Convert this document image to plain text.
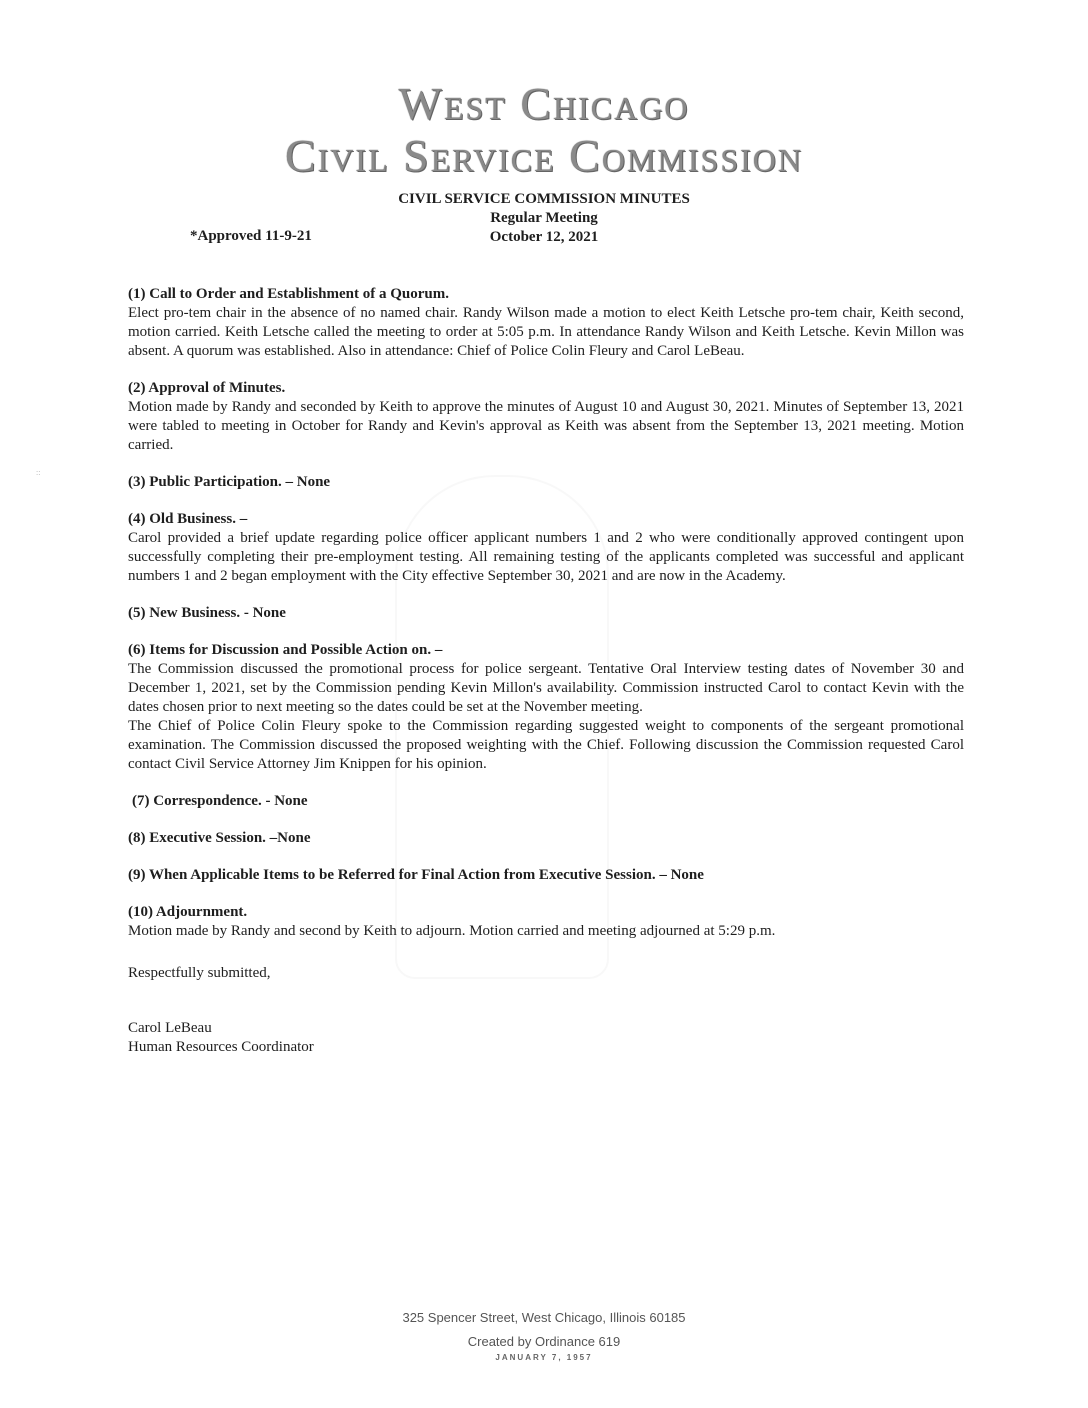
::
West Chicago
Civil Service Commission
CIVIL SERVICE COMMISSION MINUTES
Regular Meeting
October 12, 2021
*Approved 11-9-21
(1) Call to Order and Establishment of a Quorum.

Elect pro-tem chair in the absence of no named chair. Randy Wilson made a motion to elect Keith Letsche pro-tem chair, Keith second, motion carried. Keith Letsche called the meeting to order at 5:05 p.m. In attendance Randy Wilson and Keith Letsche. Kevin Millon was absent. A quorum was established. Also in attendance: Chief of Police Colin Fleury and Carol LeBeau.

(2) Approval of Minutes.

Motion made by Randy and seconded by Keith to approve the minutes of August 10 and August 30, 2021. Minutes of September 13, 2021 were tabled to meeting in October for Randy and Kevin's approval as Keith was absent from the September 13, 2021 meeting. Motion carried.

(3) Public Participation. – None
(4) Old Business. –

Carol provided a brief update regarding police officer applicant numbers 1 and 2 who were conditionally approved contingent upon successfully completing their pre-employment testing. All remaining testing of the applicants completed was successful and applicant numbers 1 and 2 began employment with the City effective September 30, 2021 and are now in the Academy.

(5) New Business. - None
(6) Items for Discussion and Possible Action on. –

The Commission discussed the promotional process for police sergeant. Tentative Oral Interview testing dates of November 30 and December 1, 2021, set by the Commission pending Kevin Millon's availability. Commission instructed Carol to contact Kevin with the dates chosen prior to next meeting so the dates could be set at the November meeting.

The Chief of Police Colin Fleury spoke to the Commission regarding suggested weight to components of the sergeant promotional examination. The Commission discussed the proposed weighting with the Chief. Following discussion the Commission requested Carol contact Civil Service Attorney Jim Knippen for his opinion.

(7) Correspondence. - None
(8) Executive Session. –None
(9) When Applicable Items to be Referred for Final Action from Executive Session. – None
(10) Adjournment.

Motion made by Randy and second by Keith to adjourn. Motion carried and meeting adjourned at 5:29 p.m.

Respectfully submitted,
Carol LeBeau
Human Resources Coordinator
325 Spencer Street, West Chicago, Illinois 60185
Created by Ordinance 619
JANUARY 7, 1957
